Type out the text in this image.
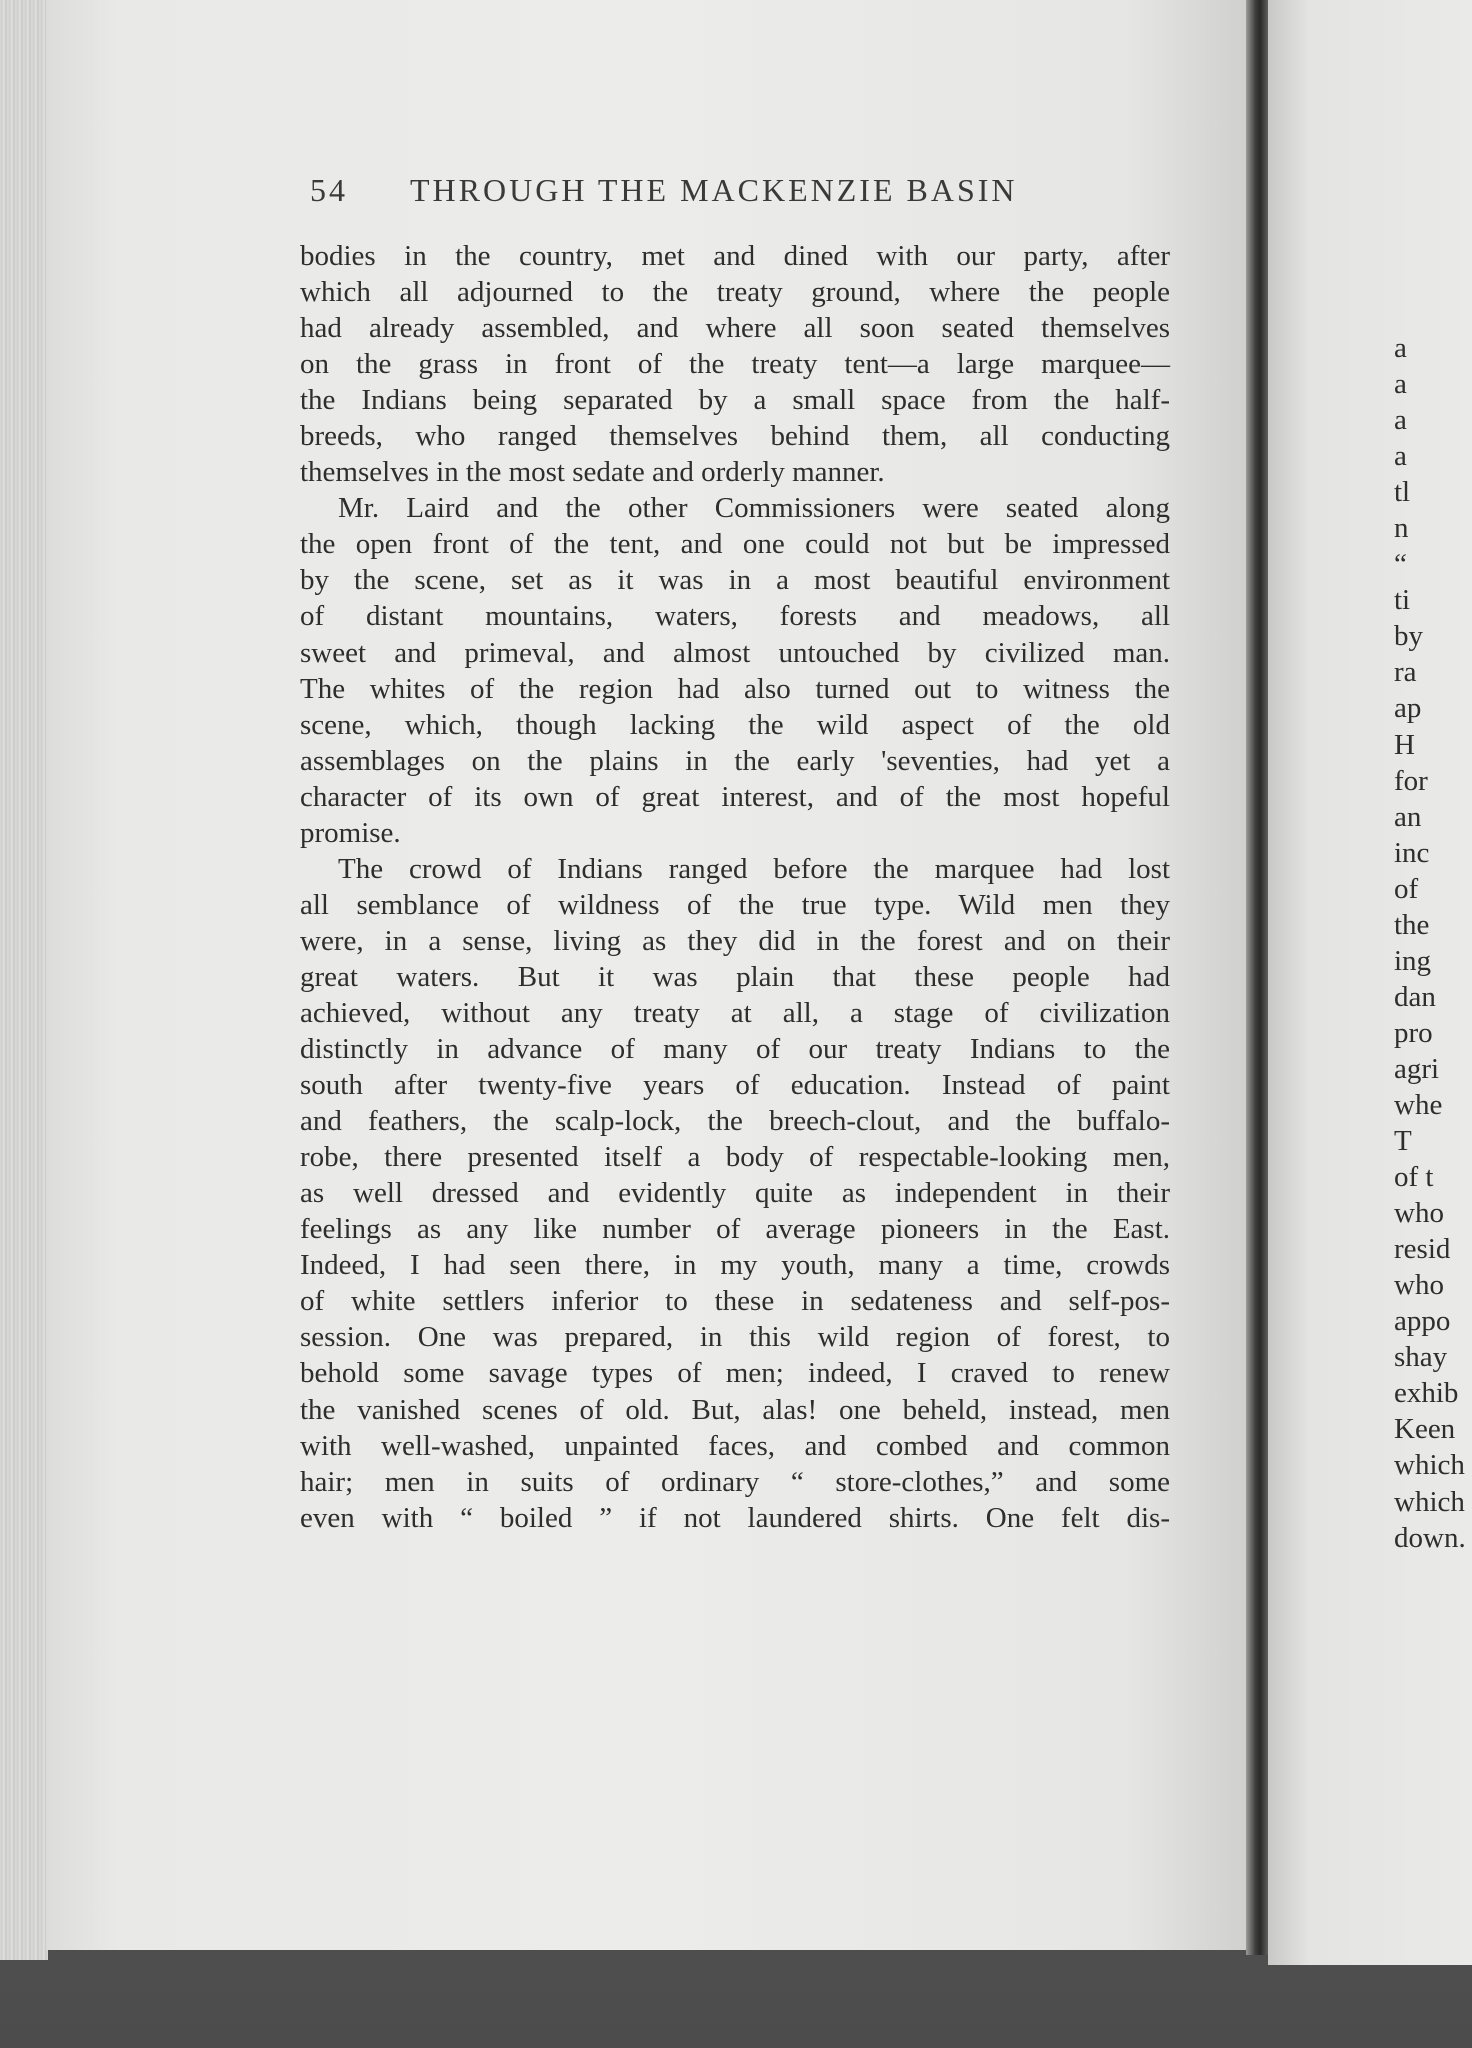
54 THROUGH THE MACKENZIE BASIN
bodies in the country, met and dined with our party, after
which all adjourned to the treaty ground, where the people
had already assembled, and where all soon seated themselves
on the grass in front of the treaty tent—a large marquee—
the Indians being separated by a small space from the half-
breeds, who ranged themselves behind them, all conducting
themselves in the most sedate and orderly manner.
Mr. Laird and the other Commissioners were seated along
the open front of the tent, and one could not but be impressed
by the scene, set as it was in a most beautiful environment
of distant mountains, waters, forests and meadows, all
sweet and primeval, and almost untouched by civilized man.
The whites of the region had also turned out to witness the
scene, which, though lacking the wild aspect of the old
assemblages on the plains in the early 'seventies, had yet a
character of its own of great interest, and of the most hopeful
promise.
The crowd of Indians ranged before the marquee had lost
all semblance of wildness of the true type. Wild men they
were, in a sense, living as they did in the forest and on their
great waters. But it was plain that these people had
achieved, without any treaty at all, a stage of civilization
distinctly in advance of many of our treaty Indians to the
south after twenty-five years of education. Instead of paint
and feathers, the scalp-lock, the breech-clout, and the buffalo-
robe, there presented itself a body of respectable-looking men,
as well dressed and evidently quite as independent in their
feelings as any like number of average pioneers in the East.
Indeed, I had seen there, in my youth, many a time, crowds
of white settlers inferior to these in sedateness and self-pos-
session. One was prepared, in this wild region of forest, to
behold some savage types of men; indeed, I craved to renew
the vanished scenes of old. But, alas! one beheld, instead, men
with well-washed, unpainted faces, and combed and common
hair; men in suits of ordinary “ store-clothes,” and some
even with “ boiled ” if not laundered shirts. One felt dis-
a
a
a
a
tl
n
“
ti
by
ra
ap
H
for
an
inc
of
the
ing
dan
pro
agri
whe
T
of t
who
resid
who
appo
shay
exhib
Keen
which
which
down.
